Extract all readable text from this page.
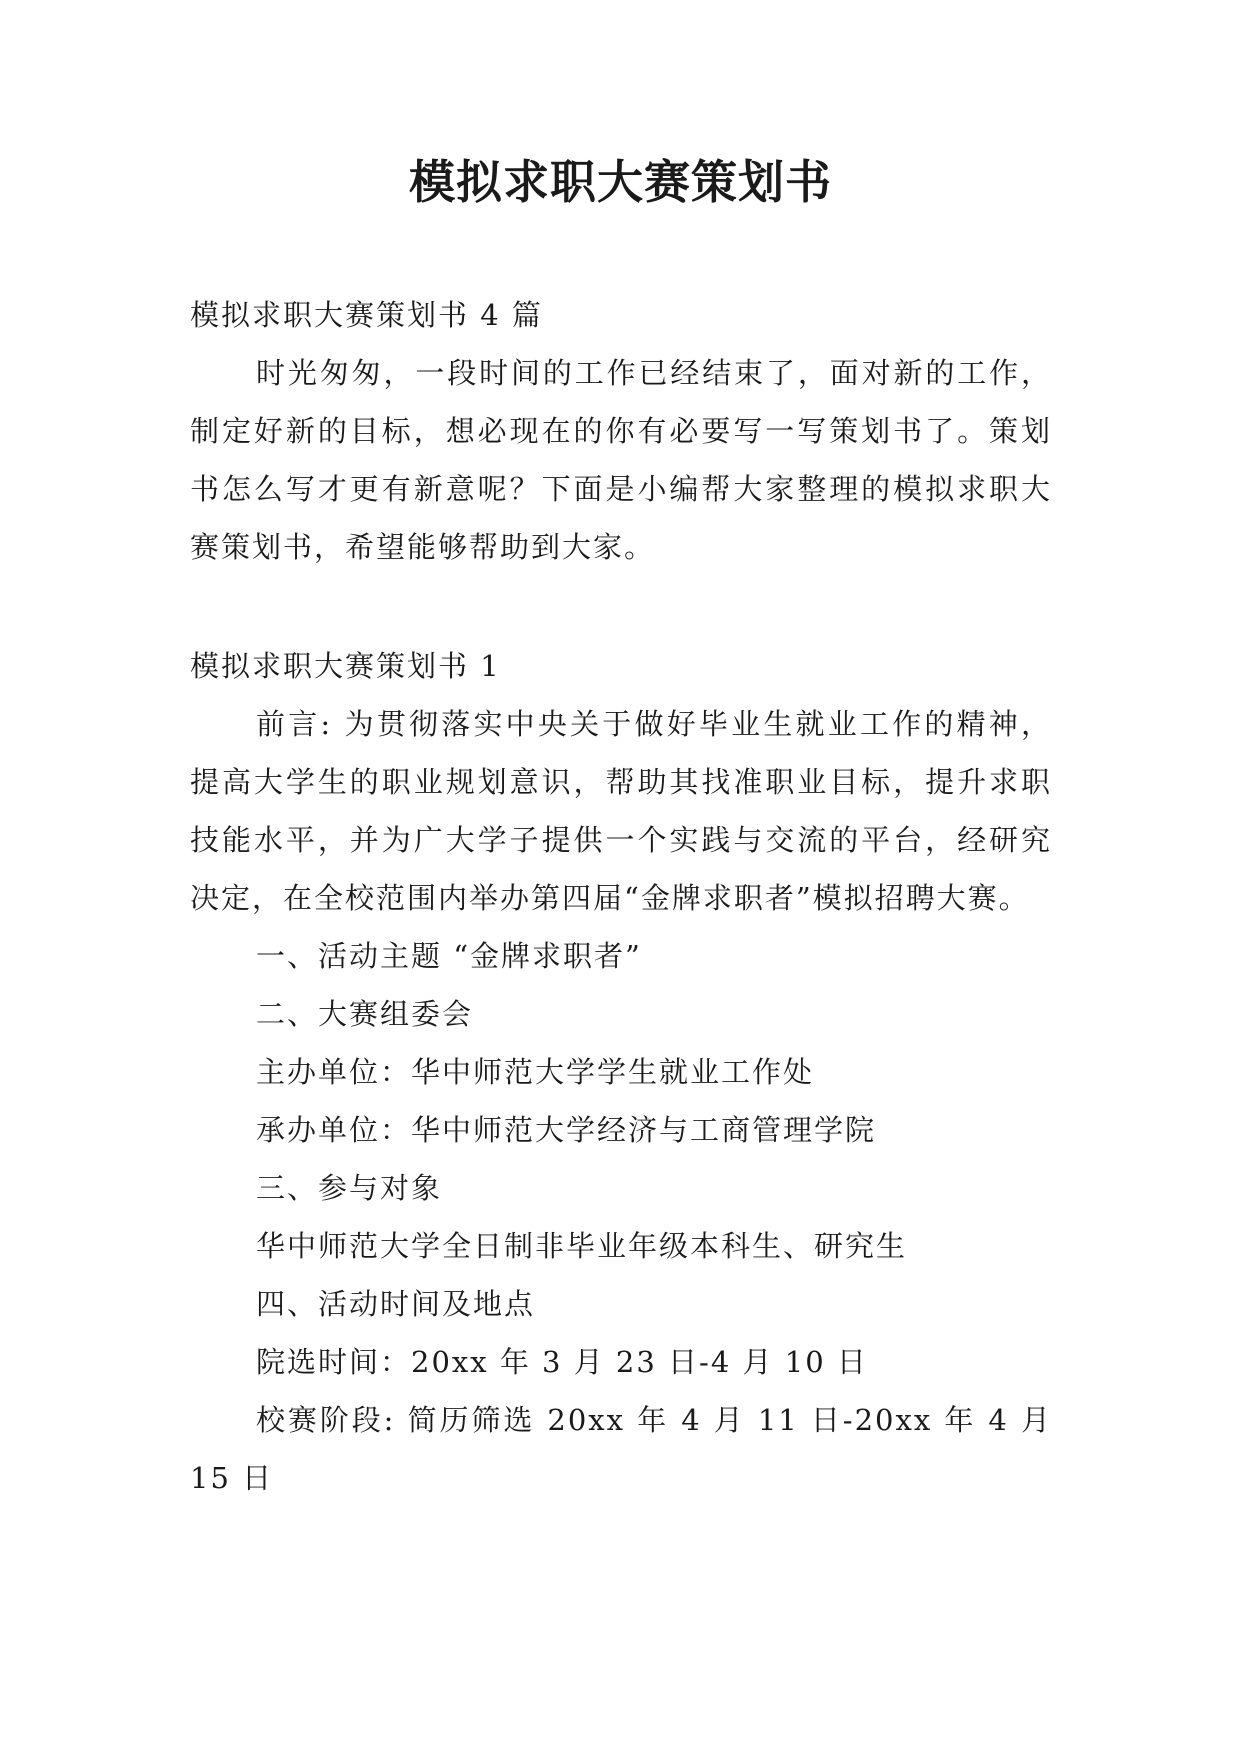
模拟求职大赛策划书

模拟求职大赛策划书 4 篇

时光匆匆，一段时间的工作已经结束了，面对新的工作，制定好新的目标，想必现在的你有必要写一写策划书了。策划书怎么写才更有新意呢？下面是小编帮大家整理的模拟求职大赛策划书，希望能够帮助到大家。

模拟求职大赛策划书 1

前言: 为贯彻落实中央关于做好毕业生就业工作的精神，提高大学生的职业规划意识，帮助其找准职业目标，提升求职技能水平，并为广大学子提供一个实践与交流的平台，经研究决定，在全校范围内举办第四届“金牌求职者”模拟招聘大赛。

一、活动主题 “金牌求职者”

二、大赛组委会

主办单位：华中师范大学学生就业工作处

承办单位：华中师范大学经济与工商管理学院

三、参与对象

华中师范大学全日制非毕业年级本科生、研究生

四、活动时间及地点

院选时间：20xx 年 3 月 23 日-4 月 10 日

校赛阶段: 简历筛选 20xx 年 4 月 11 日-20xx 年 4 月 15 日
